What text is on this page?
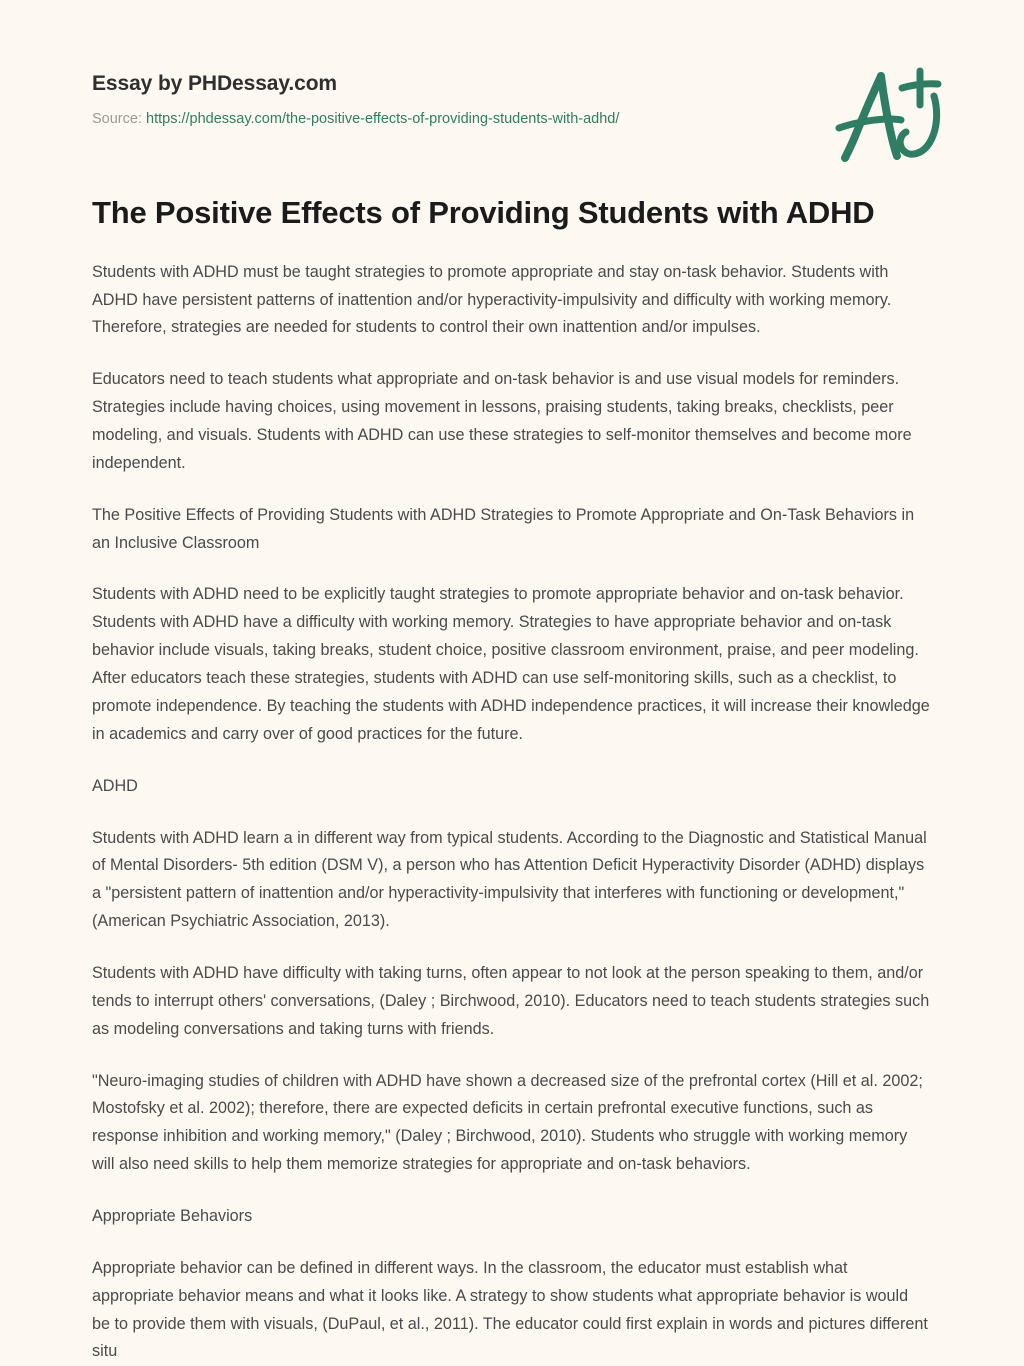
Essay by PHDessay.com
Source: https://phdessay.com/the-positive-effects-of-providing-students-with-adhd/
The Positive Effects of Providing Students with ADHD

Students with ADHD must be taught strategies to promote appropriate and stay on-task behavior. Students with ADHD have persistent patterns of inattention and/or hyperactivity-impulsivity and difficulty with working memory. Therefore, strategies are needed for students to control their own inattention and/or impulses.

Educators need to teach students what appropriate and on-task behavior is and use visual models for reminders. Strategies include having choices, using movement in lessons, praising students, taking breaks, checklists, peer modeling, and visuals. Students with ADHD can use these strategies to self-monitor themselves and become more independent.

The Positive Effects of Providing Students with ADHD Strategies to Promote Appropriate and On-Task Behaviors in an Inclusive Classroom

Students with ADHD need to be explicitly taught strategies to promote appropriate behavior and on-task behavior. Students with ADHD have a difficulty with working memory. Strategies to have appropriate behavior and on-task behavior include visuals, taking breaks, student choice, positive classroom environment, praise, and peer modeling. After educators teach these strategies, students with ADHD can use self-monitoring skills, such as a checklist, to promote independence. By teaching the students with ADHD independence practices, it will increase their knowledge in academics and carry over of good practices for the future.

ADHD

Students with ADHD learn a in different way from typical students. According to the Diagnostic and Statistical Manual of Mental Disorders- 5th edition (DSM V), a person who has Attention Deficit Hyperactivity Disorder (ADHD) displays a "persistent pattern of inattention and/or hyperactivity-impulsivity that interferes with functioning or development," (American Psychiatric Association, 2013).

Students with ADHD have difficulty with taking turns, often appear to not look at the person speaking to them, and/or tends to interrupt others' conversations, (Daley ; Birchwood, 2010). Educators need to teach students strategies such as modeling conversations and taking turns with friends.

"Neuro-imaging studies of children with ADHD have shown a decreased size of the prefrontal cortex (Hill et al. 2002; Mostofsky et al. 2002); therefore, there are expected deficits in certain prefrontal executive functions, such as response inhibition and working memory," (Daley ; Birchwood, 2010). Students who struggle with working memory will also need skills to help them memorize strategies for appropriate and on-task behaviors.

Appropriate Behaviors

Appropriate behavior can be defined in different ways. In the classroom, the educator must establish what appropriate behavior means and what it looks like. A strategy to show students what appropriate behavior is would be to provide them with visuals, (DuPaul, et al., 2011). The educator could first explain in words and pictures different situ
